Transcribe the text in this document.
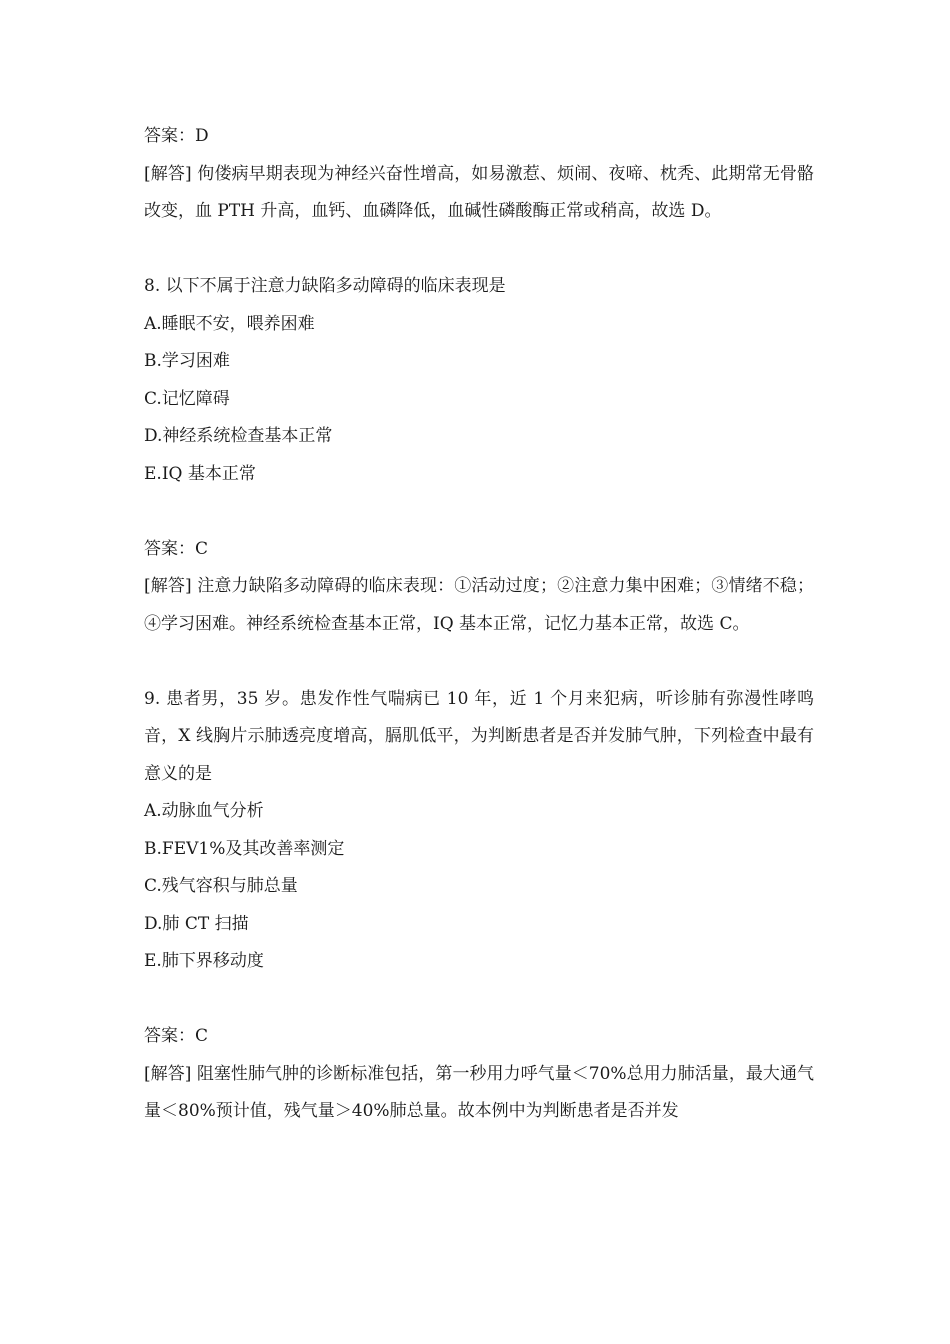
答案：D
[解答] 佝偻病早期表现为神经兴奋性增高，如易激惹、烦闹、夜啼、枕秃、此期常无骨骼改变，血 PTH 升高，血钙、血磷降低，血碱性磷酸酶正常或稍高，故选 D。
8. 以下不属于注意力缺陷多动障碍的临床表现是
A.睡眠不安，喂养困难
B.学习困难
C.记忆障碍
D.神经系统检查基本正常
E.IQ 基本正常
答案：C
[解答] 注意力缺陷多动障碍的临床表现：①活动过度；②注意力集中困难；③情绪不稳；④学习困难。神经系统检查基本正常，IQ 基本正常，记忆力基本正常，故选 C。
9. 患者男，35 岁。患发作性气喘病已 10 年，近 1 个月来犯病，听诊肺有弥漫性哮鸣音，X 线胸片示肺透亮度增高，膈肌低平，为判断患者是否并发肺气肿，下列检查中最有意义的是
A.动脉血气分析
B.FEV1%及其改善率测定
C.残气容积与肺总量
D.肺 CT 扫描
E.肺下界移动度
答案：C
[解答] 阻塞性肺气肿的诊断标准包括，第一秒用力呼气量＜70%总用力肺活量，最大通气量＜80%预计值，残气量＞40%肺总量。故本例中为判断患者是否并发
